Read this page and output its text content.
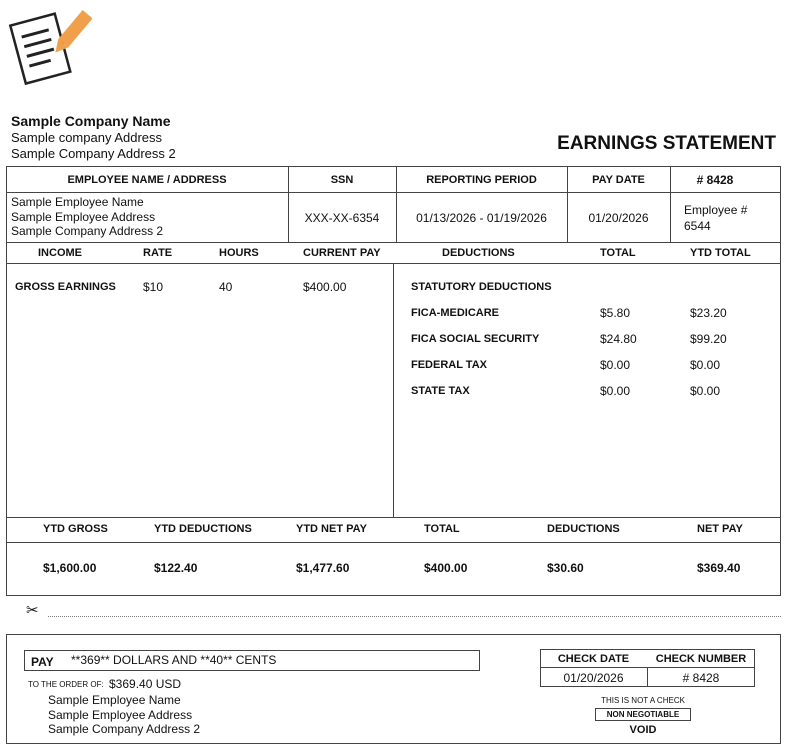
Sample Company Name
Sample company Address
Sample Company Address 2	EARNINGS STATEMENT
EMPLOYEE NAME / ADDRESS	SSN	REPORTING PERIOD	PAY DATE	# 8428
Sample Employee Name
Sample Employee Address
Sample Company Address 2
XXX-XX-6354	01/13/2026 - 01/19/2026	01/20/2026
Employee #
6544
INCOME	RATE	HOURS	CURRENT PAY	DEDUCTIONS	TOTAL	YTD TOTAL
GROSS EARNINGS $10	40	$400.00	STATUTORY DEDUCTIONS
FICA-MEDICARE	$5.80	$23.20
FICA SOCIAL SECURITY	$24.80	$99.20
FEDERAL TAX	$0.00	$0.00
STATE TAX	$0.00	$0.00
YTD GROSS	YTD DEDUCTIONS	YTD NET PAY	TOTAL	DEDUCTIONS	NET PAY
$1,600.00	$122.40	$1,477.60	$400.00	$30.60	$369.40
✂
PAY **369** DOLLARS AND **40** CENTS
TO THE ORDER OF: $369.40 USD
Sample Employee Name
Sample Employee Address
Sample Company Address 2
CHECK DATE	CHECK NUMBER
01/20/2026	# 8428
THIS IS NOT A CHECK
NON NEGOTIABLE
VOID
